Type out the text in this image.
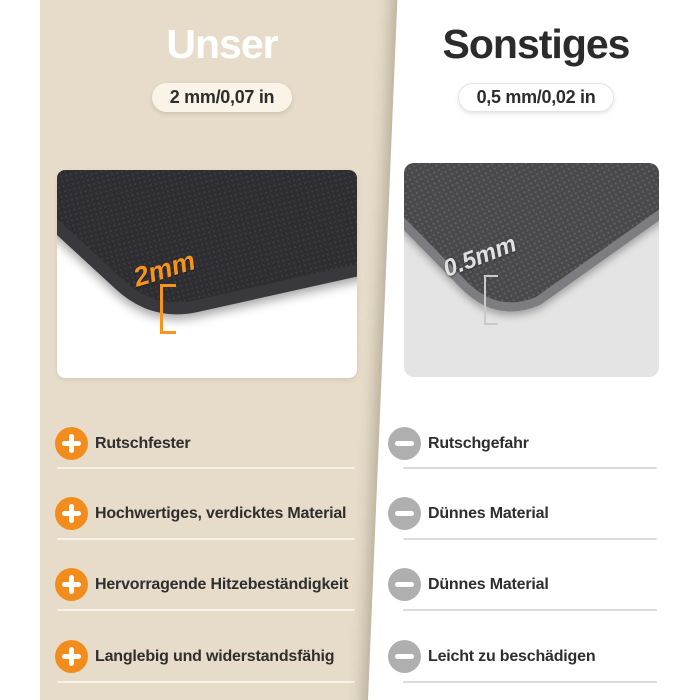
Unser
2 mm/0,07 in
Sonstiges
0,5 mm/0,02 in
2mm	0.5mm
Rutschfester
Hochwertiges, verdicktes Material
Hervorragende Hitzebeständigkeit
Langlebig und widerstandsfähig
Rutschgefahr
Dünnes Material
Dünnes Material
Leicht zu beschädigen
